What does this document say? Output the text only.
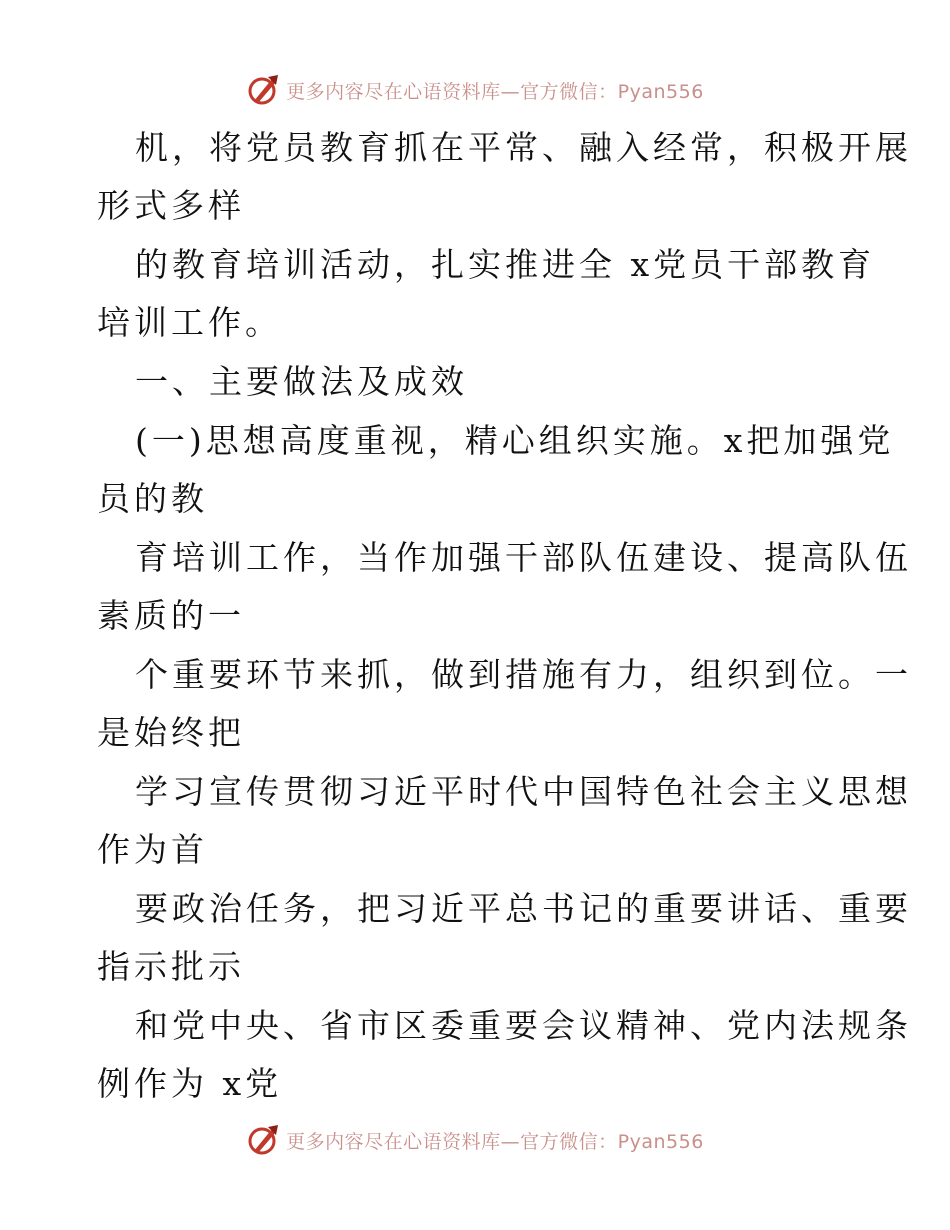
更多内容尽在心语资料库—官方微信：Pyan556
机，将党员教育抓在平常、融入经常，积极开展
形式多样
的教育培训活动，扎实推进全 x党员干部教育
培训工作。
一、主要做法及成效
(一)思想高度重视，精心组织实施。x把加强党
员的教
育培训工作，当作加强干部队伍建设、提高队伍
素质的一
个重要环节来抓，做到措施有力，组织到位。一
是始终把
学习宣传贯彻习近平时代中国特色社会主义思想
作为首
要政治任务，把习近平总书记的重要讲话、重要
指示批示
和党中央、省市区委重要会议精神、党内法规条
例作为 x党
更多内容尽在心语资料库—官方微信：Pyan556
